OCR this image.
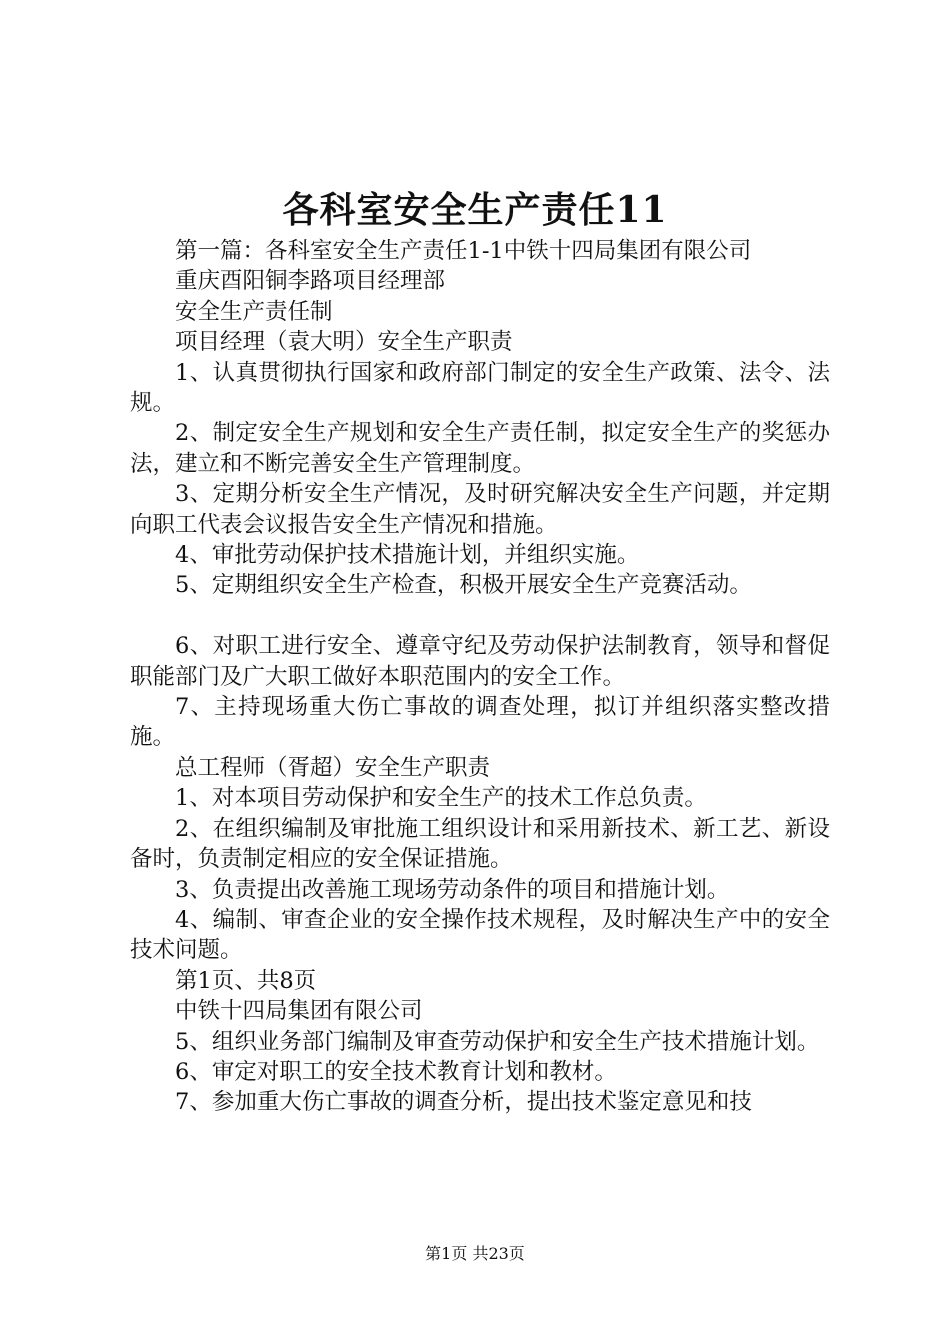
各科室安全生产责任11

第一篇：各科室安全生产责任1-1中铁十四局集团有限公司

重庆酉阳铜李路项目经理部

安全生产责任制

项目经理（袁大明）安全生产职责

1、认真贯彻执行国家和政府部门制定的安全生产政策、法令、法规。

2、制定安全生产规划和安全生产责任制，拟定安全生产的奖惩办法，建立和不断完善安全生产管理制度。

3、定期分析安全生产情况，及时研究解决安全生产问题，并定期向职工代表会议报告安全生产情况和措施。

4、审批劳动保护技术措施计划，并组织实施。

5、定期组织安全生产检查，积极开展安全生产竞赛活动。

6、对职工进行安全、遵章守纪及劳动保护法制教育，领导和督促职能部门及广大职工做好本职范围内的安全工作。

7、主持现场重大伤亡事故的调查处理，拟订并组织落实整改措施。

总工程师（胥超）安全生产职责

1、对本项目劳动保护和安全生产的技术工作总负责。

2、在组织编制及审批施工组织设计和采用新技术、新工艺、新设备时，负责制定相应的安全保证措施。

3、负责提出改善施工现场劳动条件的项目和措施计划。

4、编制、审查企业的安全操作技术规程，及时解决生产中的安全技术问题。

第1页、共8页

中铁十四局集团有限公司

5、组织业务部门编制及审查劳动保护和安全生产技术措施计划。

6、审定对职工的安全技术教育计划和教材。

7、参加重大伤亡事故的调查分析，提出技术鉴定意见和技

第1页 共23页
